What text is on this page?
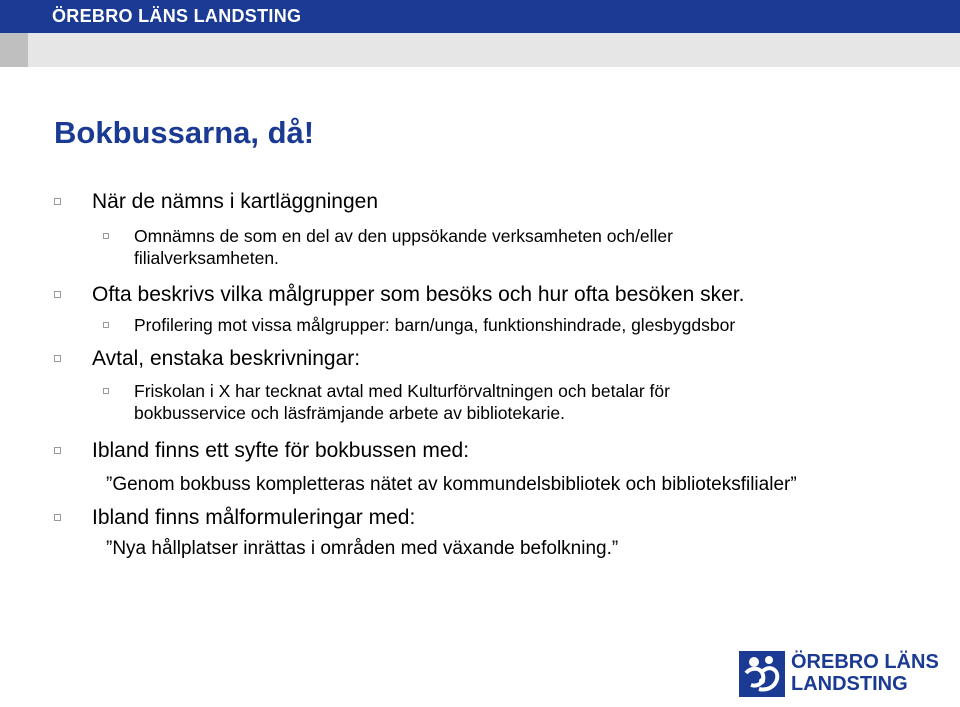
ÖREBRO LÄNS LANDSTING
Bokbussarna, då!
När de nämns i kartläggningen
Omnämns de som en del av den uppsökande verksamheten och/eller
filialverksamheten.
Ofta beskrivs vilka målgrupper som besöks och hur ofta besöken sker.
Profilering mot vissa målgrupper: barn/unga, funktionshindrade, glesbygdsbor
Avtal, enstaka beskrivningar:
Friskolan i X har tecknat avtal med Kulturförvaltningen och betalar för
bokbusservice och läsfrämjande arbete av bibliotekarie.
Ibland finns ett syfte för bokbussen med:
”Genom bokbuss kompletteras nätet av kommundelsbibliotek och biblioteksfilialer”
Ibland finns målformuleringar med:
”Nya hållplatser inrättas i områden med växande befolkning.”
ÖREBRO LÄNS
LANDSTING
